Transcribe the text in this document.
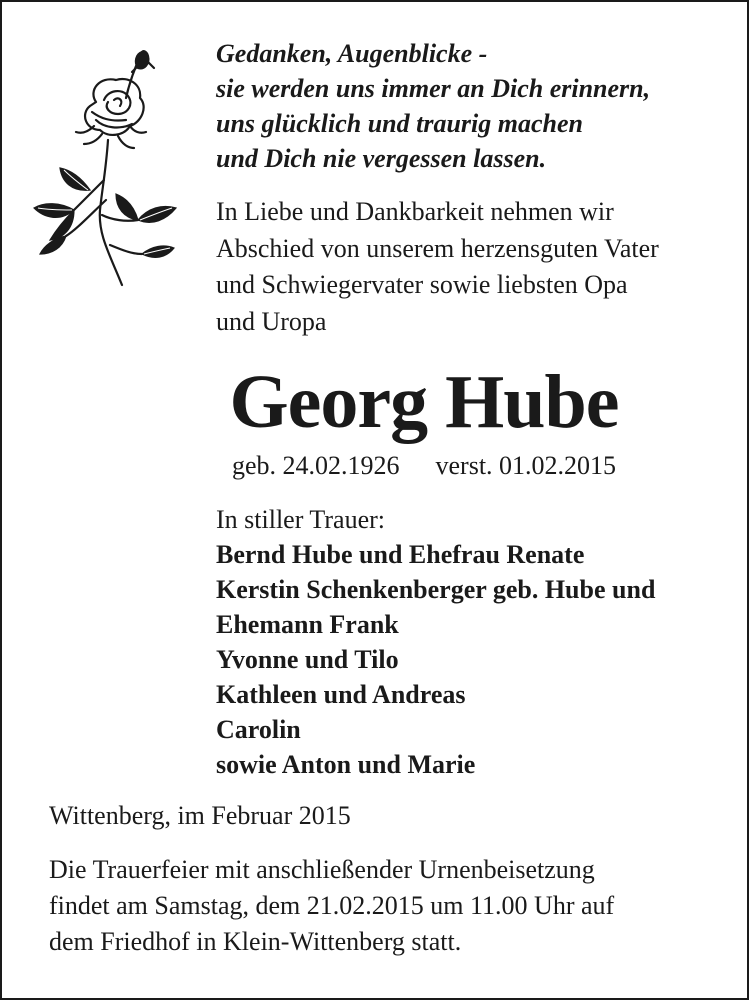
Gedanken, Augenblicke -
sie werden uns immer an Dich erinnern,
uns glücklich und traurig machen
und Dich nie vergessen lassen.
In Liebe und Dankbarkeit nehmen wir
Abschied von unserem herzensguten Vater
und Schwiegervater sowie liebsten Opa
und Uropa
Georg Hube
geb. 24.02.1926 verst. 01.02.2015
In stiller Trauer:
Bernd Hube und Ehefrau Renate
Kerstin Schenkenberger geb. Hube und
Ehemann Frank
Yvonne und Tilo
Kathleen und Andreas
Carolin
sowie Anton und Marie
Wittenberg, im Februar 2015
Die Trauerfeier mit anschließender Urnenbeisetzung
findet am Samstag, dem 21.02.2015 um 11.00 Uhr auf
dem Friedhof in Klein-Wittenberg statt.
